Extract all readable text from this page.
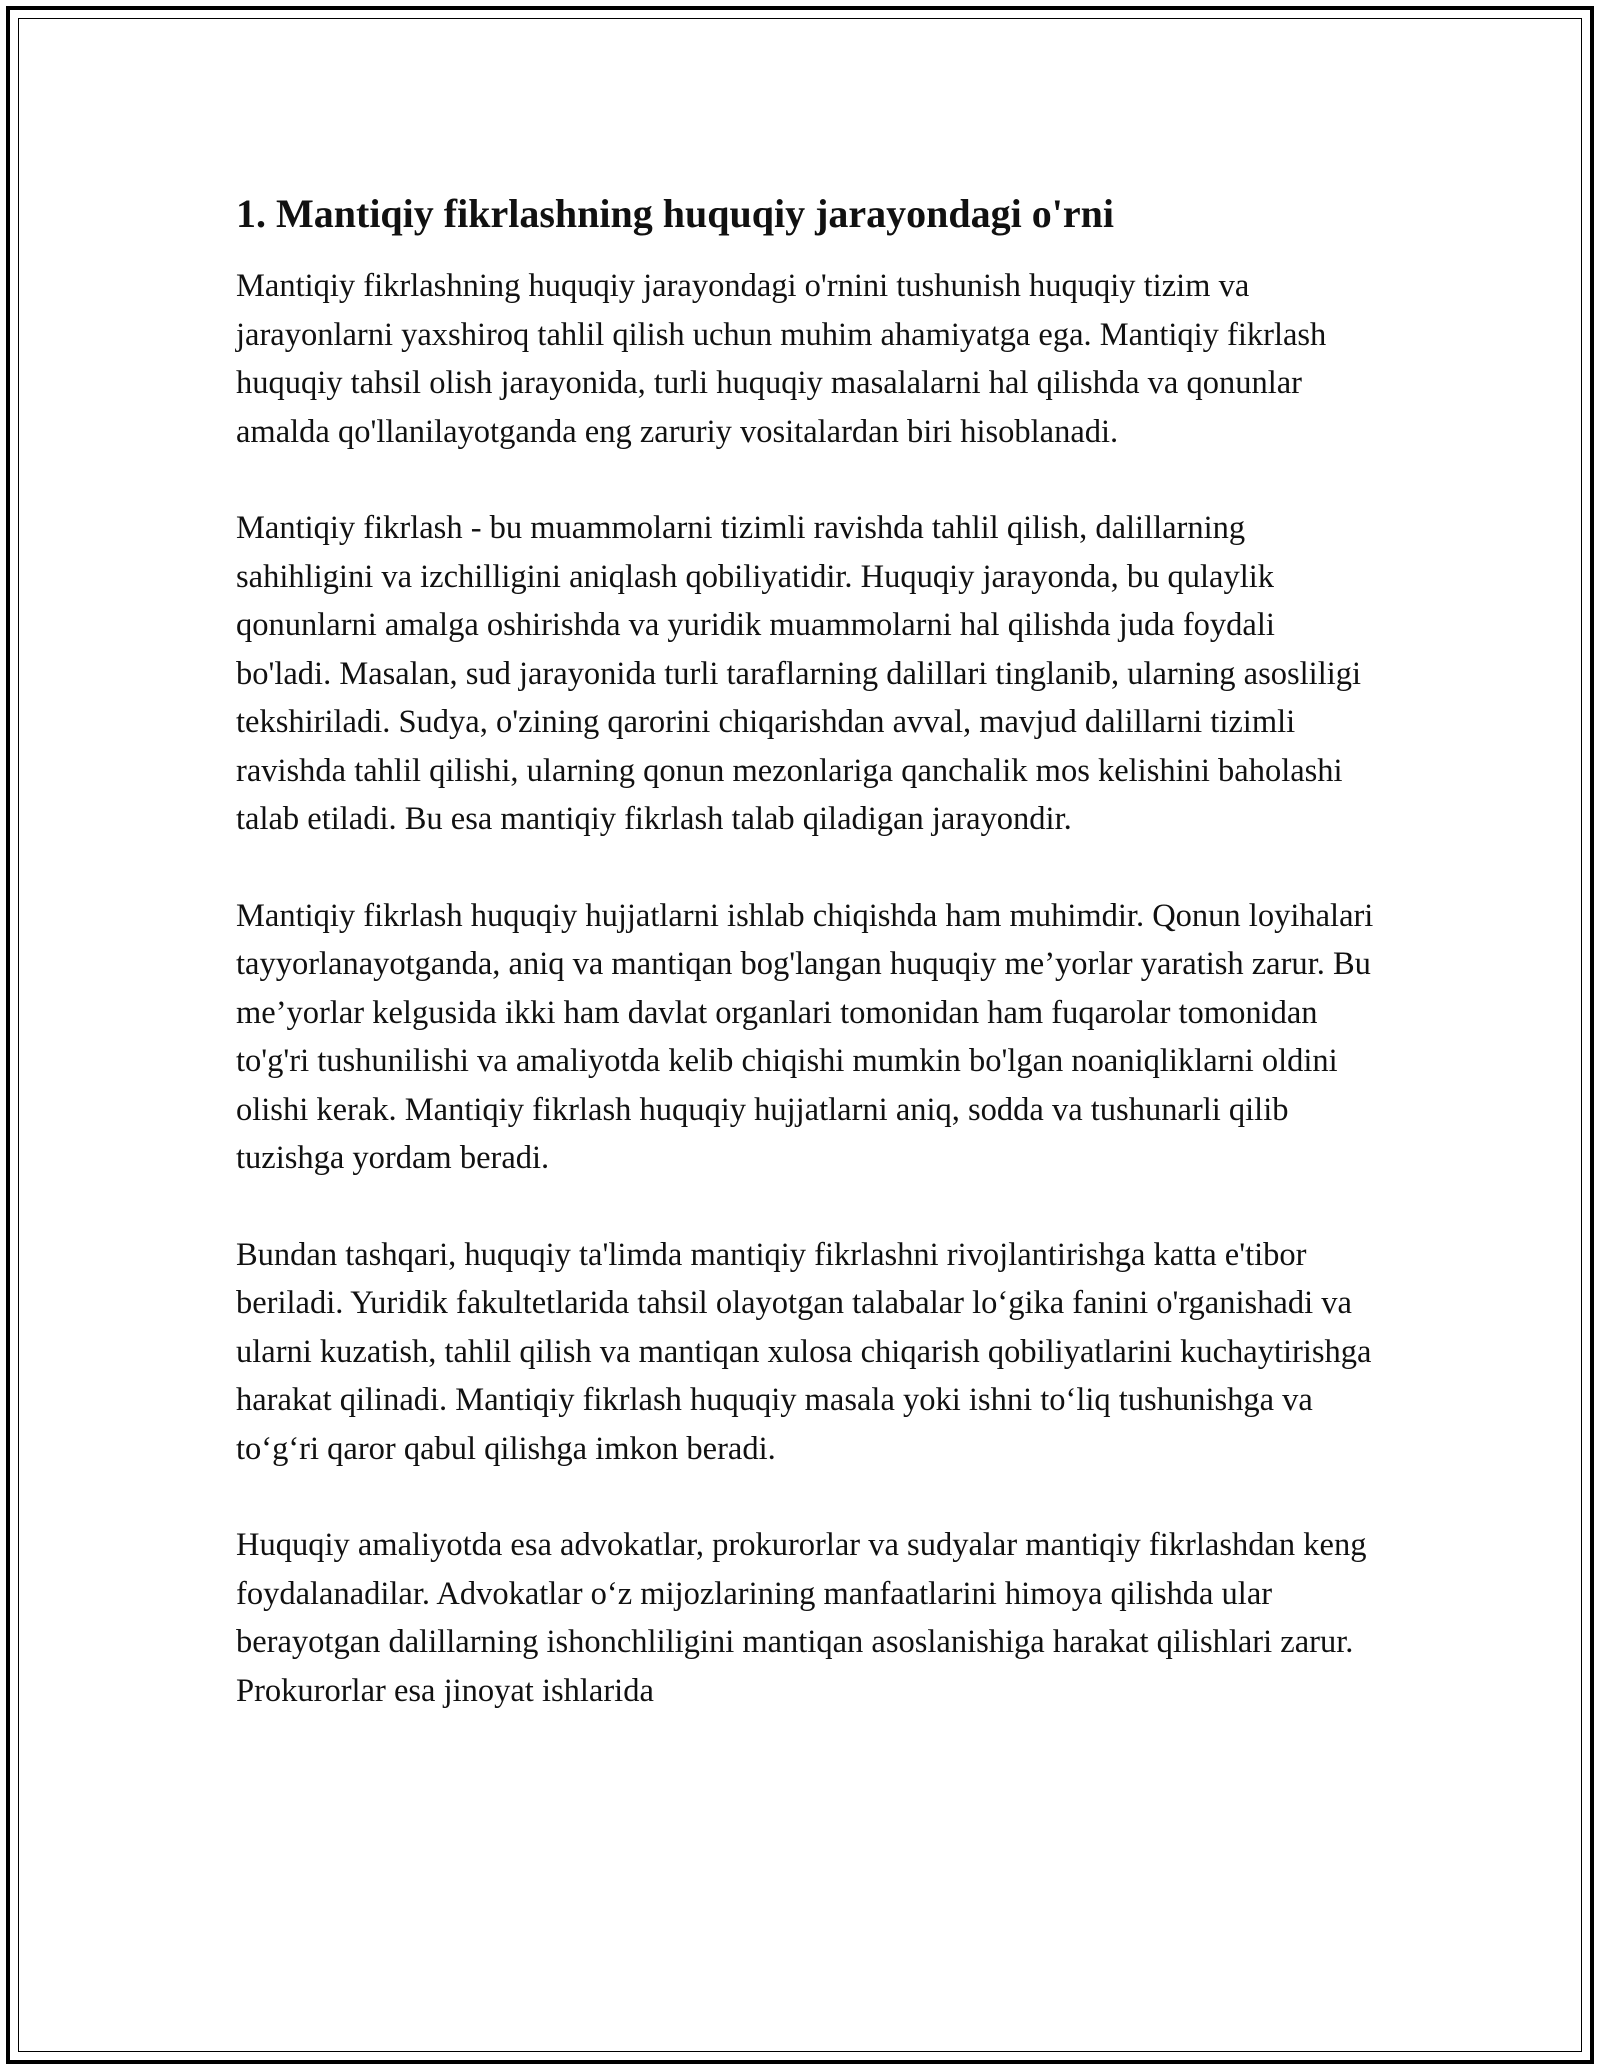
1. Mantiqiy fikrlashning huquqiy jarayondagi o'rni

Mantiqiy fikrlashning huquqiy jarayondagi o'rnini tushunish huquqiy tizim va jarayonlarni yaxshiroq tahlil qilish uchun muhim ahamiyatga ega. Mantiqiy fikrlash huquqiy tahsil olish jarayonida, turli huquqiy masalalarni hal qilishda va qonunlar amalda qo'llanilayotganda eng zaruriy vositalardan biri hisoblanadi.

Mantiqiy fikrlash - bu muammolarni tizimli ravishda tahlil qilish, dalillarning sahihligini va izchilligini aniqlash qobiliyatidir. Huquqiy jarayonda, bu qulaylik qonunlarni amalga oshirishda va yuridik muammolarni hal qilishda juda foydali bo'ladi. Masalan, sud jarayonida turli taraflarning dalillari tinglanib, ularning asosliligi tekshiriladi. Sudya, o'zining qarorini chiqarishdan avval, mavjud dalillarni tizimli ravishda tahlil qilishi, ularning qonun mezonlariga qanchalik mos kelishini baholashi talab etiladi. Bu esa mantiqiy fikrlash talab qiladigan jarayondir.

Mantiqiy fikrlash huquqiy hujjatlarni ishlab chiqishda ham muhimdir. Qonun loyihalari tayyorlanayotganda, aniq va mantiqan bog'langan huquqiy me’yorlar yaratish zarur. Bu me’yorlar kelgusida ikki ham davlat organlari tomonidan ham fuqarolar tomonidan to'g'ri tushunilishi va amaliyotda kelib chiqishi mumkin bo'lgan noaniqliklarni oldini olishi kerak. Mantiqiy fikrlash huquqiy hujjatlarni aniq, sodda va tushunarli qilib tuzishga yordam beradi.

Bundan tashqari, huquqiy ta'limda mantiqiy fikrlashni rivojlantirishga katta e'tibor beriladi. Yuridik fakultetlarida tahsil olayotgan talabalar lo‘gika fanini o'rganishadi va ularni kuzatish, tahlil qilish va mantiqan xulosa chiqarish qobiliyatlarini kuchaytirishga harakat qilinadi. Mantiqiy fikrlash huquqiy masala yoki ishni to‘liq tushunishga va to‘g‘ri qaror qabul qilishga imkon beradi.

Huquqiy amaliyotda esa advokatlar, prokurorlar va sudyalar mantiqiy fikrlashdan keng foydalanadilar. Advokatlar o‘z mijozlarining manfaatlarini himoya qilishda ular berayotgan dalillarning ishonchliligini mantiqan asoslanishiga harakat qilishlari zarur. Prokurorlar esa jinoyat ishlarida
